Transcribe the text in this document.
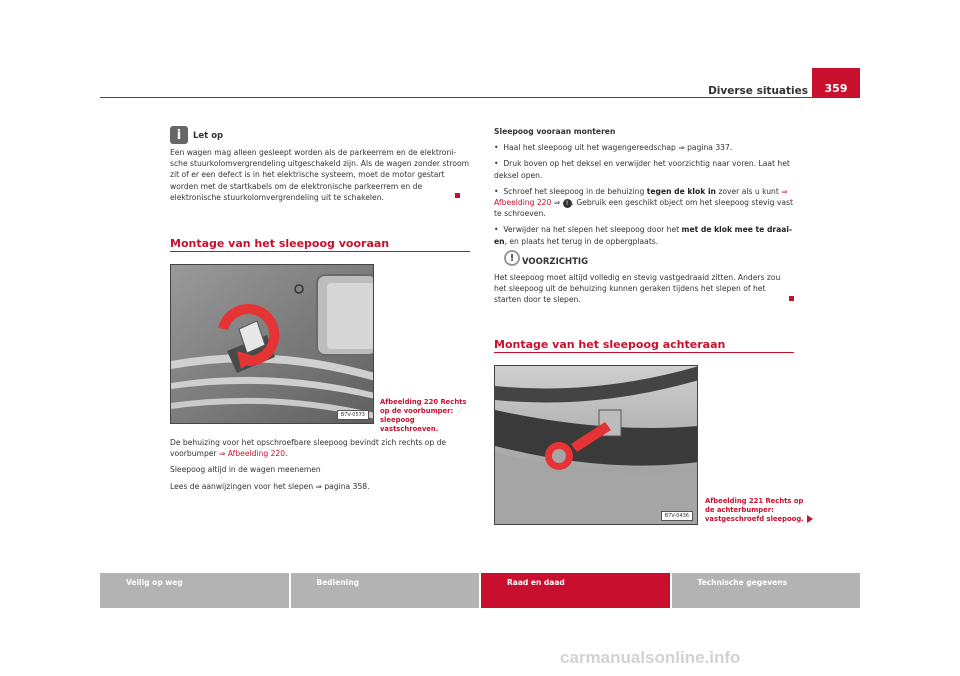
Diverse situaties	359
i	Let op
Een wagen mag alleen gesleept worden als de parkeerrem en de elektronische stuurkolomvergrendeling uitgeschakeld zijn. Als de wagen zonder stroom zit of er een defect is in het elektrische systeem, moet de motor gestart worden met de startkabels om de elektronische parkeerrem en de elektronische stuurkolomvergrendeling uit te schakelen.
Montage van het sleepoog vooraan
B7V-0573
Afbeelding 220 Rechts op de voorbumper: sleepoog vastschroeven.

De behuizing voor het opschroefbare sleepoog bevindt zich rechts op de voorbumper ⇒ Afbeelding 220.

Sleepoog altijd in de wagen meenemen

Lees de aanwijzingen voor het slepen ⇒ pagina 358.

Sleepoog vooraan monteren

•  Haal het sleepoog uit het wagengereedschap ⇒ pagina 337.

•  Druk boven op het deksel en verwijder het voorzichtig naar voren. Laat het deksel open.

•  Schroef het sleepoog in de behuizing tegen de klok in zover als u kunt ⇒ Afbeelding 220 ⇒ ! . Gebruik een geschikt object om het sleepoog stevig vast te schroeven.

•  Verwijder na het slepen het sleepoog door het met de klok mee te draaien, en plaats het terug in de opbergplaats.

! VOORZICHTIG
Het sleepoog moet altijd volledig en stevig vastgedraaid zitten. Anders zou het sleepoog uit de behuizing kunnen geraken tijdens het slepen of het starten door te slepen.
Montage van het sleepoog achteraan
B7V-0436
Afbeelding 221 Rechts op de achterbumper: vastgeschroefd sleepoog.
Veilig op weg	Bediening	Raad en daad	Technische gegevens
carmanualsonline.info
